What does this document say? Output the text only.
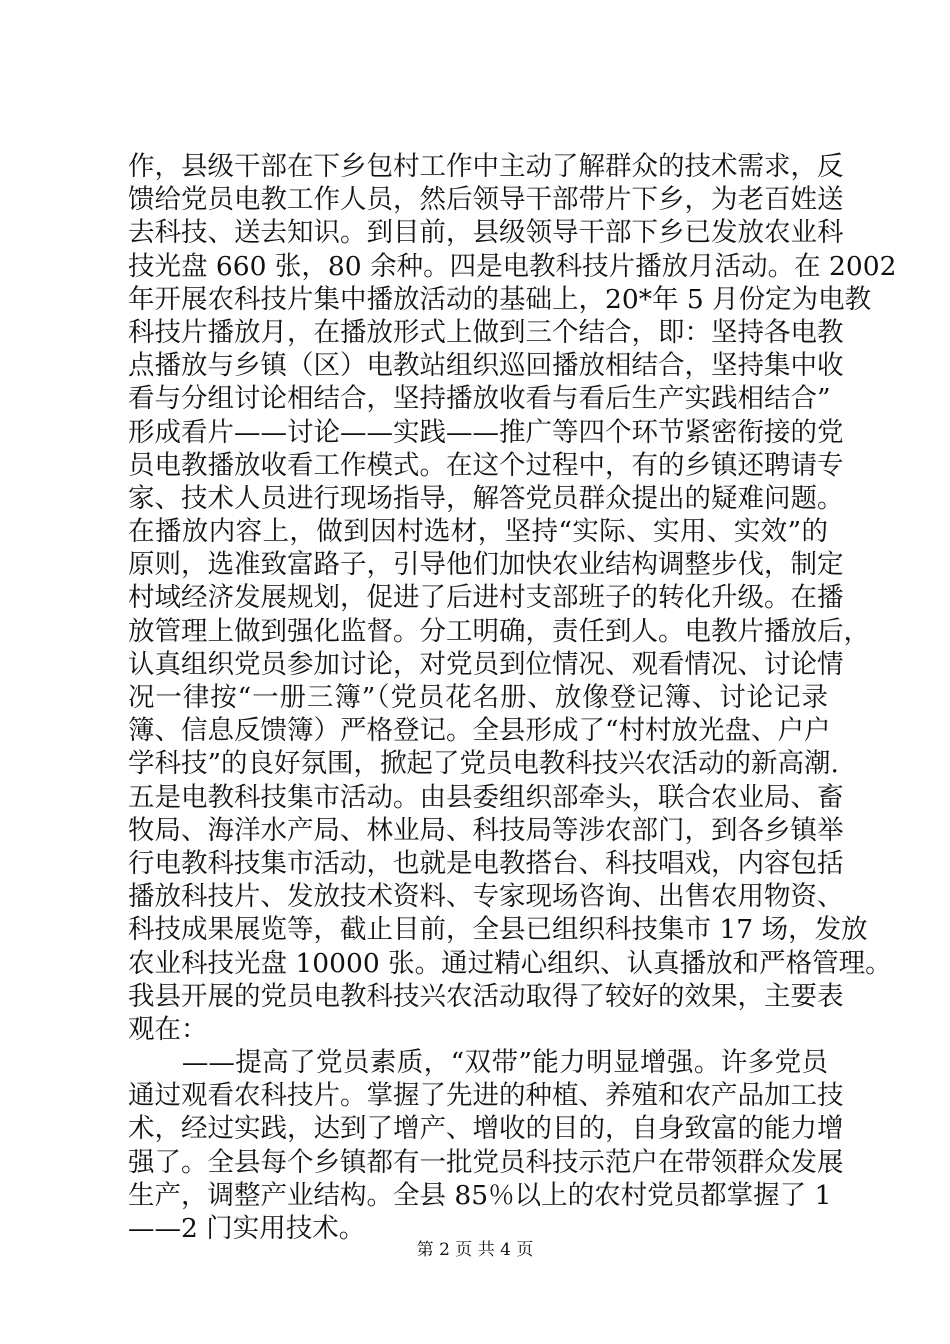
作，县级干部在下乡包村工作中主动了解群众的技术需求，反
馈给党员电教工作人员，然后领导干部带片下乡，为老百姓送
去科技、送去知识。到目前，县级领导干部下乡已发放农业科
技光盘 660 张，80 余种。四是电教科技片播放月活动。在 2002
年开展农科技片集中播放活动的基础上，20*年 5 月份定为电教
科技片播放月，在播放形式上做到三个结合，即：坚持各电教
点播放与乡镇（区）电教站组织巡回播放相结合，坚持集中收
看与分组讨论相结合，坚持播放收看与看后生产实践相结合”
形成看片——讨论——实践——推广等四个环节紧密衔接的党
员电教播放收看工作模式。在这个过程中，有的乡镇还聘请专
家、技术人员进行现场指导，解答党员群众提出的疑难问题。
在播放内容上，做到因村选材，坚持“实际、实用、实效”的
原则，选准致富路子，引导他们加快农业结构调整步伐，制定
村域经济发展规划，促进了后进村支部班子的转化升级。在播
放管理上做到强化监督。分工明确，责任到人。电教片播放后，
认真组织党员参加讨论，对党员到位情况、观看情况、讨论情
况一律按“一册三簿”（党员花名册、放像登记簿、讨论记录
簿、信息反馈簿）严格登记。全县形成了“村村放光盘、户户
学科技”的良好氛围，掀起了党员电教科技兴农活动的新高潮.
五是电教科技集市活动。由县委组织部牵头，联合农业局、畜
牧局、海洋水产局、林业局、科技局等涉农部门，到各乡镇举
行电教科技集市活动，也就是电教搭台、科技唱戏，内容包括
播放科技片、发放技术资料、专家现场咨询、出售农用物资、
科技成果展览等，截止目前，全县已组织科技集市 17 场，发放
农业科技光盘 10000 张。通过精心组织、认真播放和严格管理。
我县开展的党员电教科技兴农活动取得了较好的效果，主要表
观在：
　　——提高了党员素质，“双带”能力明显增强。许多党员
通过观看农科技片。掌握了先进的种植、养殖和农产品加工技
术，经过实践，达到了增产、增收的目的，自身致富的能力增
强了。全县每个乡镇都有一批党员科技示范户在带领群众发展
生产，调整产业结构。全县 85％以上的农村党员都掌握了 1
——2 门实用技术。
第 2 页 共 4 页
